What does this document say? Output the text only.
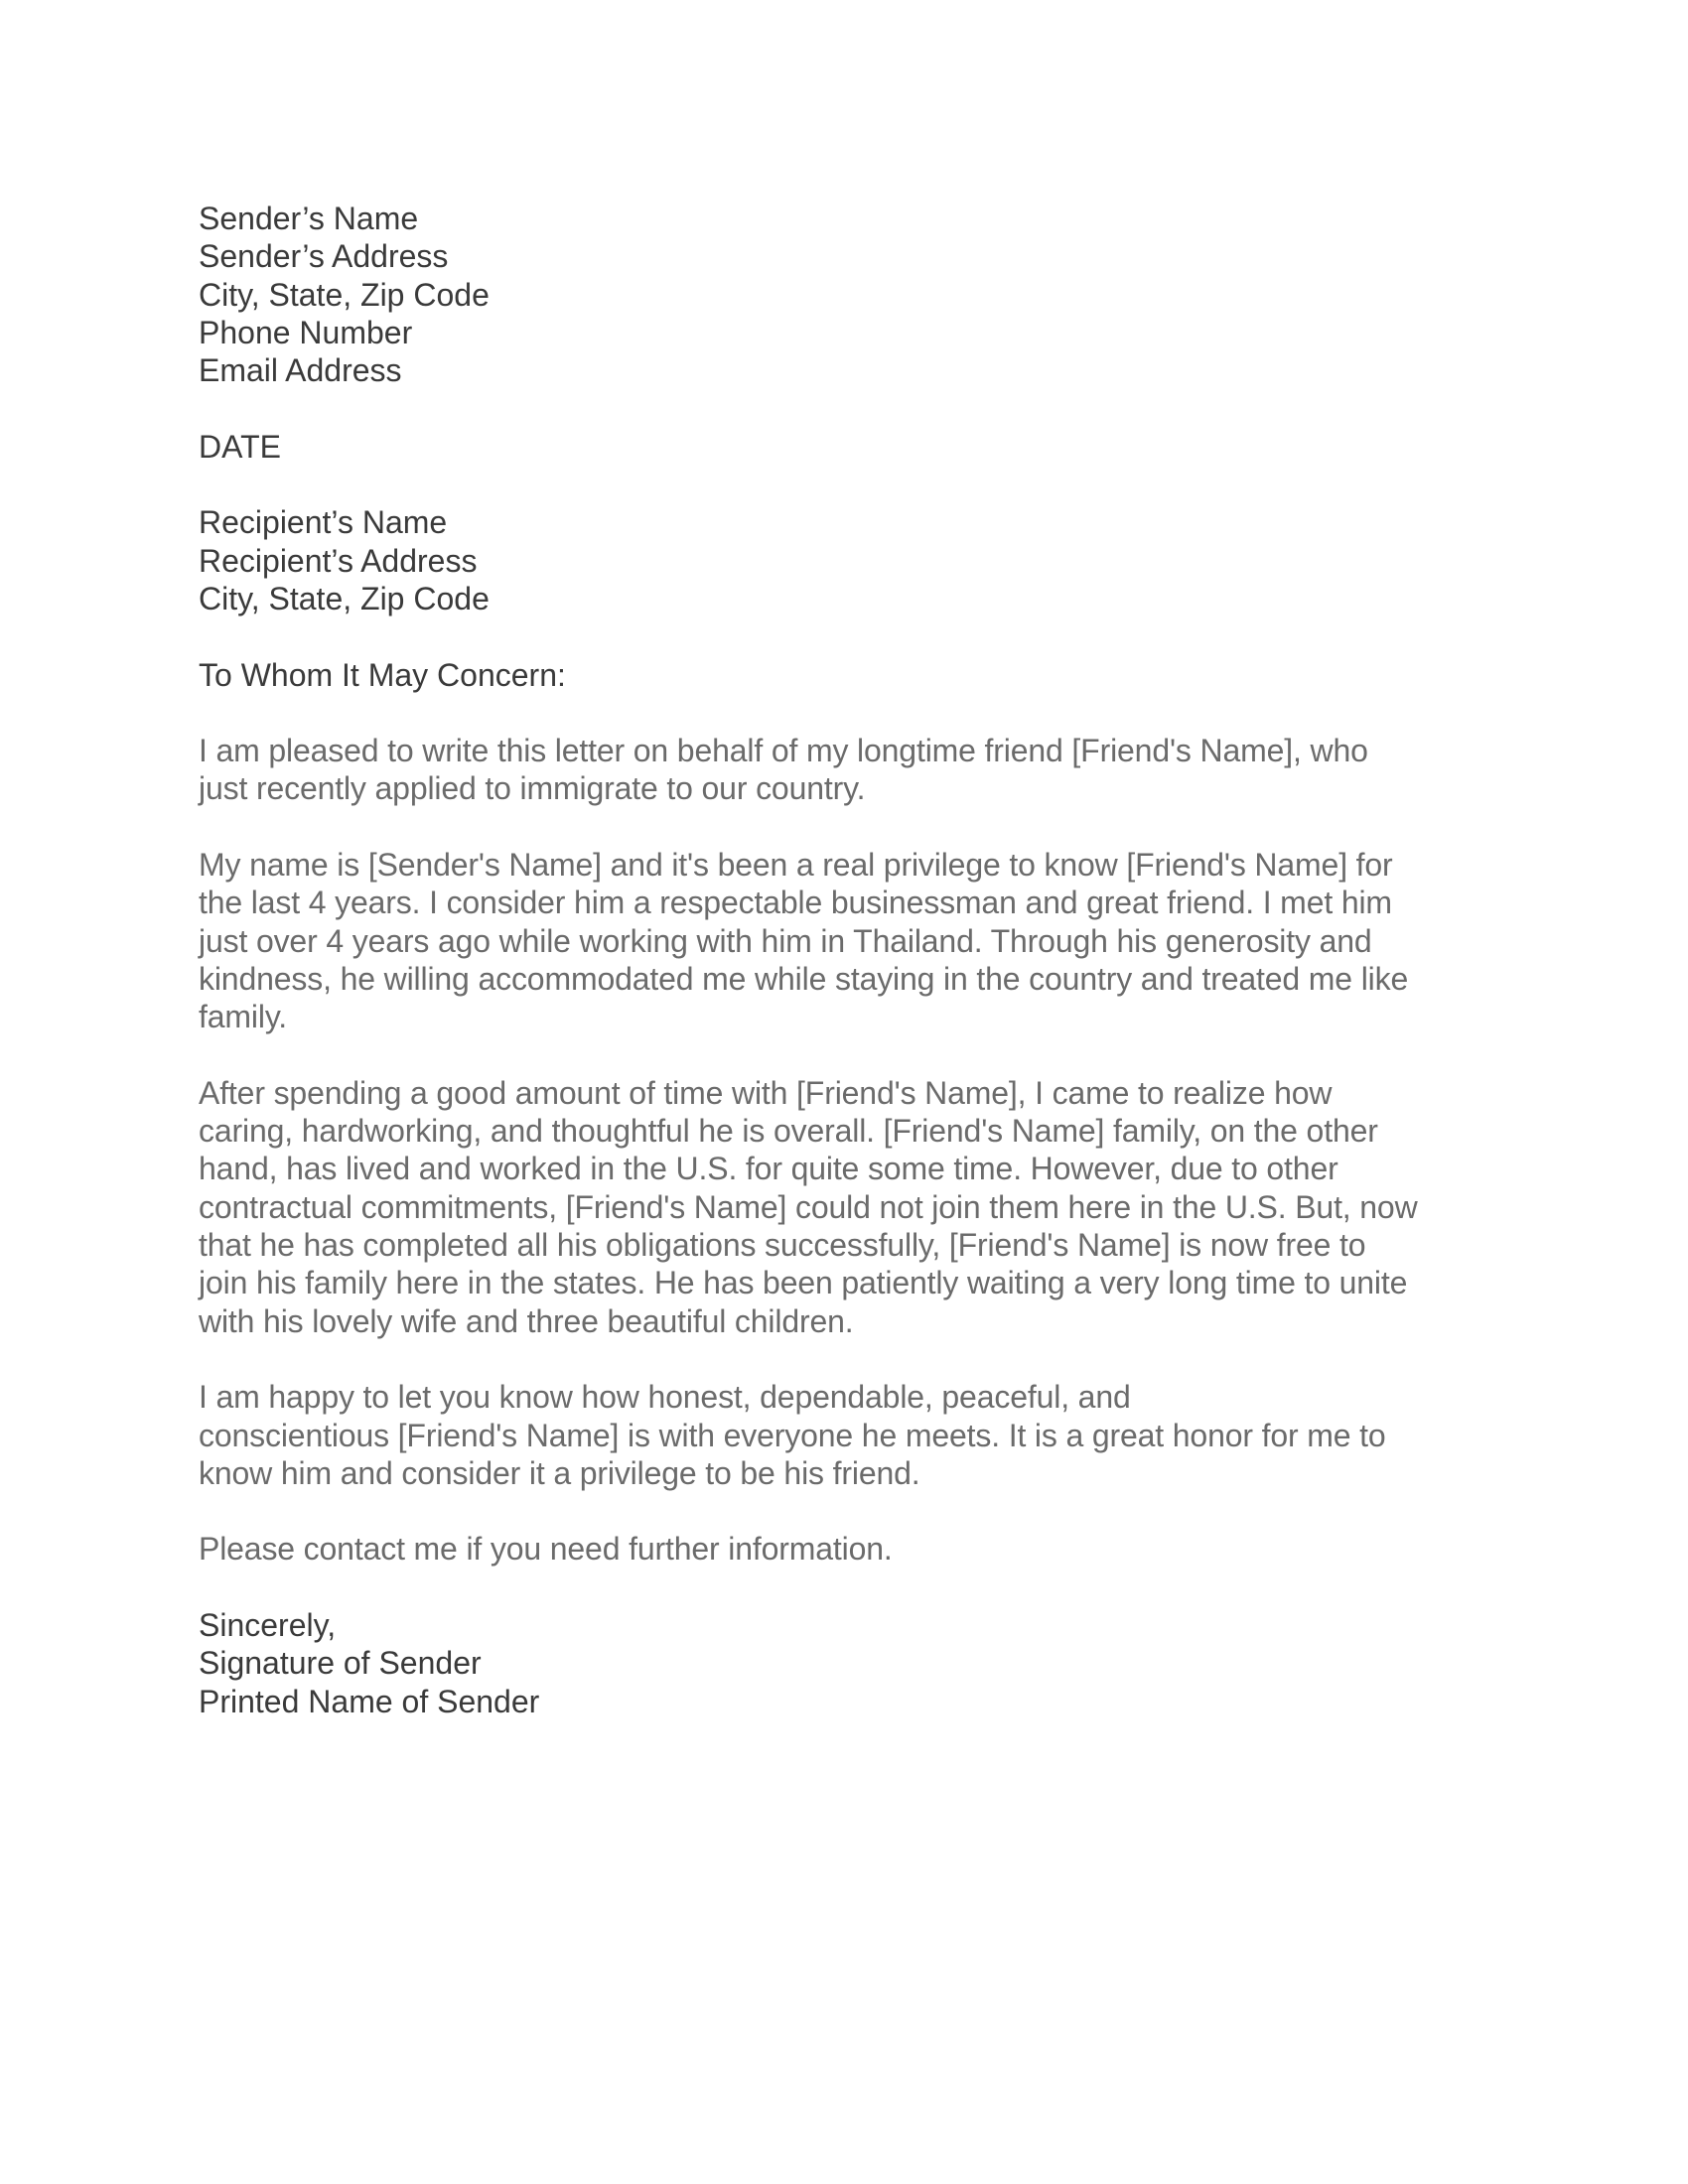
Sender’s Name
Sender’s Address
City, State, Zip Code
Phone Number
Email Address
DATE
Recipient’s Name
Recipient’s Address
City, State, Zip Code
To Whom It May Concern:
I am pleased to write this letter on behalf of my longtime friend [Friend's Name], who
just recently applied to immigrate to our country.
My name is [Sender's Name] and it's been a real privilege to know [Friend's Name] for
the last 4 years. I consider him a respectable businessman and great friend. I met him
just over 4 years ago while working with him in Thailand. Through his generosity and
kindness, he willing accommodated me while staying in the country and treated me like
family.
After spending a good amount of time with [Friend's Name], I came to realize how
caring, hardworking, and thoughtful he is overall. [Friend's Name] family, on the other
hand, has lived and worked in the U.S. for quite some time. However, due to other
contractual commitments, [Friend's Name] could not join them here in the U.S. But, now
that he has completed all his obligations successfully, [Friend's Name] is now free to
join his family here in the states. He has been patiently waiting a very long time to unite
with his lovely wife and three beautiful children.
I am happy to let you know how honest, dependable, peaceful, and
conscientious [Friend's Name] is with everyone he meets. It is a great honor for me to
know him and consider it a privilege to be his friend.
Please contact me if you need further information.
Sincerely,
Signature of Sender
Printed Name of Sender
